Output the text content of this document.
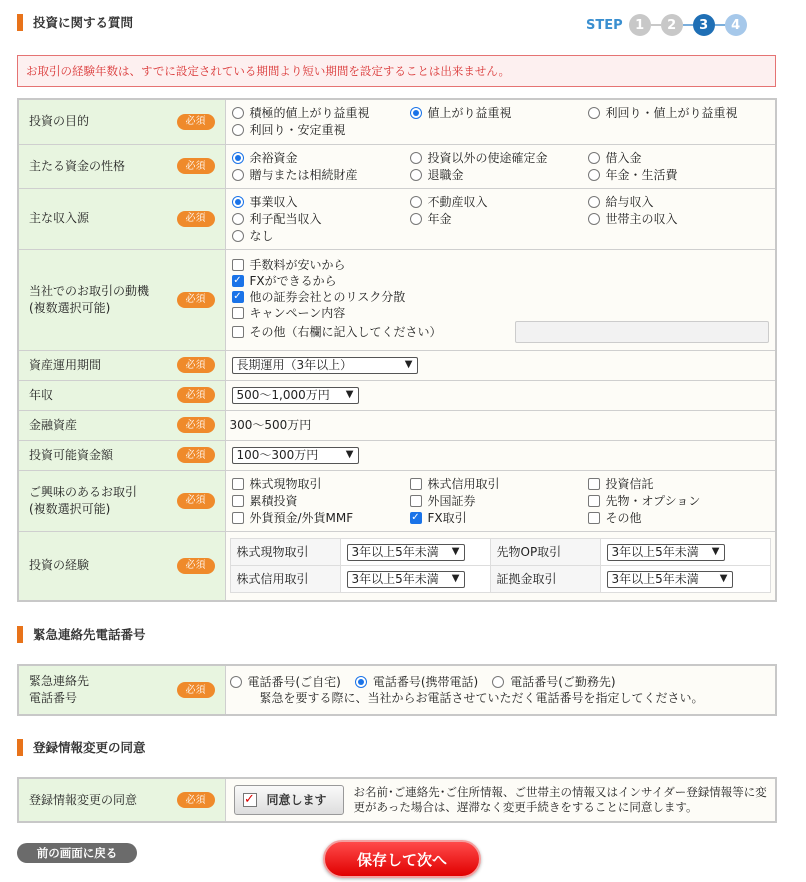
投資に関する質問	STEP 1	2	3	4
お取引の経験年数は、すでに設定されている期間より短い期間を設定することは出来ません。
投資の目的	必須

積極的値上がり益重視	値上がり益重視	利回り・値上がり益重視
利回り・安定重視

主たる資金の性格	必須

余裕資金	投資以外の使途確定金	借入金
贈与または相続財産	退職金	年金・生活費

主な収入源	必須

事業収入	不動産収入	給与収入
利子配当収入	年金	世帯主の収入
なし

当社でのお取引の動機
(複数選択可能)
必須

手数料が安いから
✓ FXができるから
✓ 他の証券会社とのリスク分散
キャンペーン内容
その他（右欄に記入してください）

資産運用期間	必須	長期運用（3年以上）	▼

年収	必須	500～1,000万円 ▼

金融資産	必須	300～500万円
投資可能資金額	必須	100～300万円	▼

ご興味のあるお取引
(複数選択可能)
必須

株式現物取引	株式信用取引	投資信託
累積投資	外国証券	先物・オプション
外貨預金/外貨MMF	✓ FX取引	その他

投資の経験	必須

株式現物取引	3年以上5年未満 ▼	先物OP取引	3年以上5年未満 ▼

株式信用取引	3年以上5年未満 ▼	証拠金取引	3年以上5年未満 ▼
緊急連絡先電話番号
緊急連絡先
電話番号
必須

電話番号(ご自宅)	電話番号(携帯電話)	電話番号(ご勤務先)
緊急を要する際に、当社からお電話させていただく電話番号を指定してください。
登録情報変更の同意
登録情報変更の同意	必須	✓ 同意します
お名前･ご連絡先･ご住所情報、ご世帯主の情報又はインサイダー登録情報等に変更があった場合は、遅滞なく変更手続きをすることに同意します。
前の画面に戻る	保存して次へ
